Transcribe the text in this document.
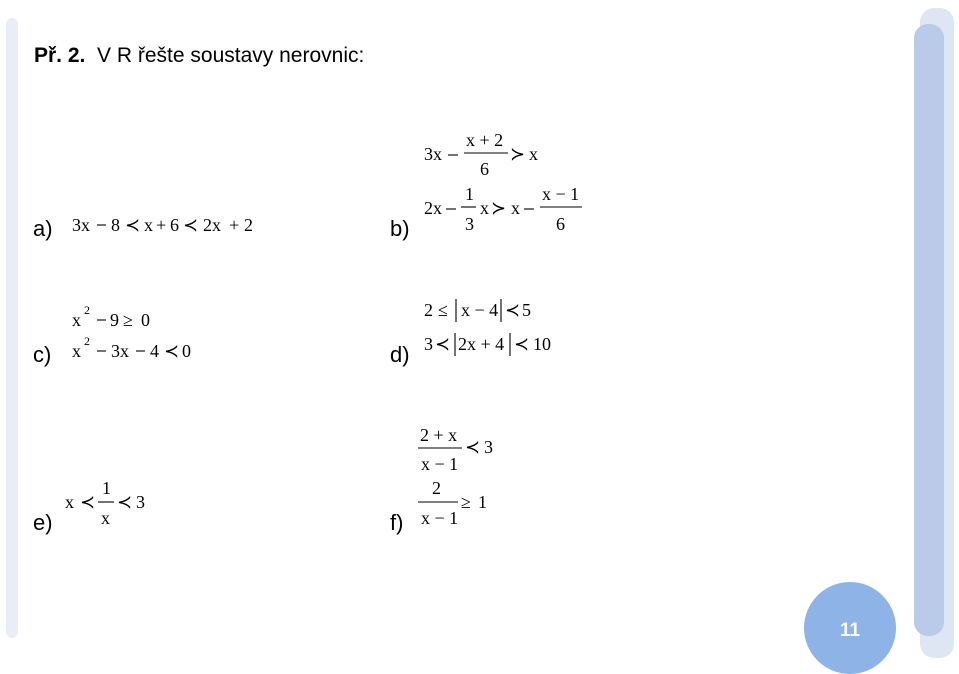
Př. 2. V R řešte soustavy nerovnic:
a)	b)
c)	d)
e)	f)
3x 8 ≺ x + 6 ≺ 2x + 2
3x
x + 2
6
≻ x
2x
1
3
x ≻ x
x − 1
6
x 2 9 ≥ 0
x 2 3x 4 ≺ 0
2 ≤ x − 4 ≺ 5
3 ≺ 2x + 4 ≺ 10
x ≺
1
x
≺ 3
2 + x
x − 1
≺ 3
2
x − 1
≥ 1
11
